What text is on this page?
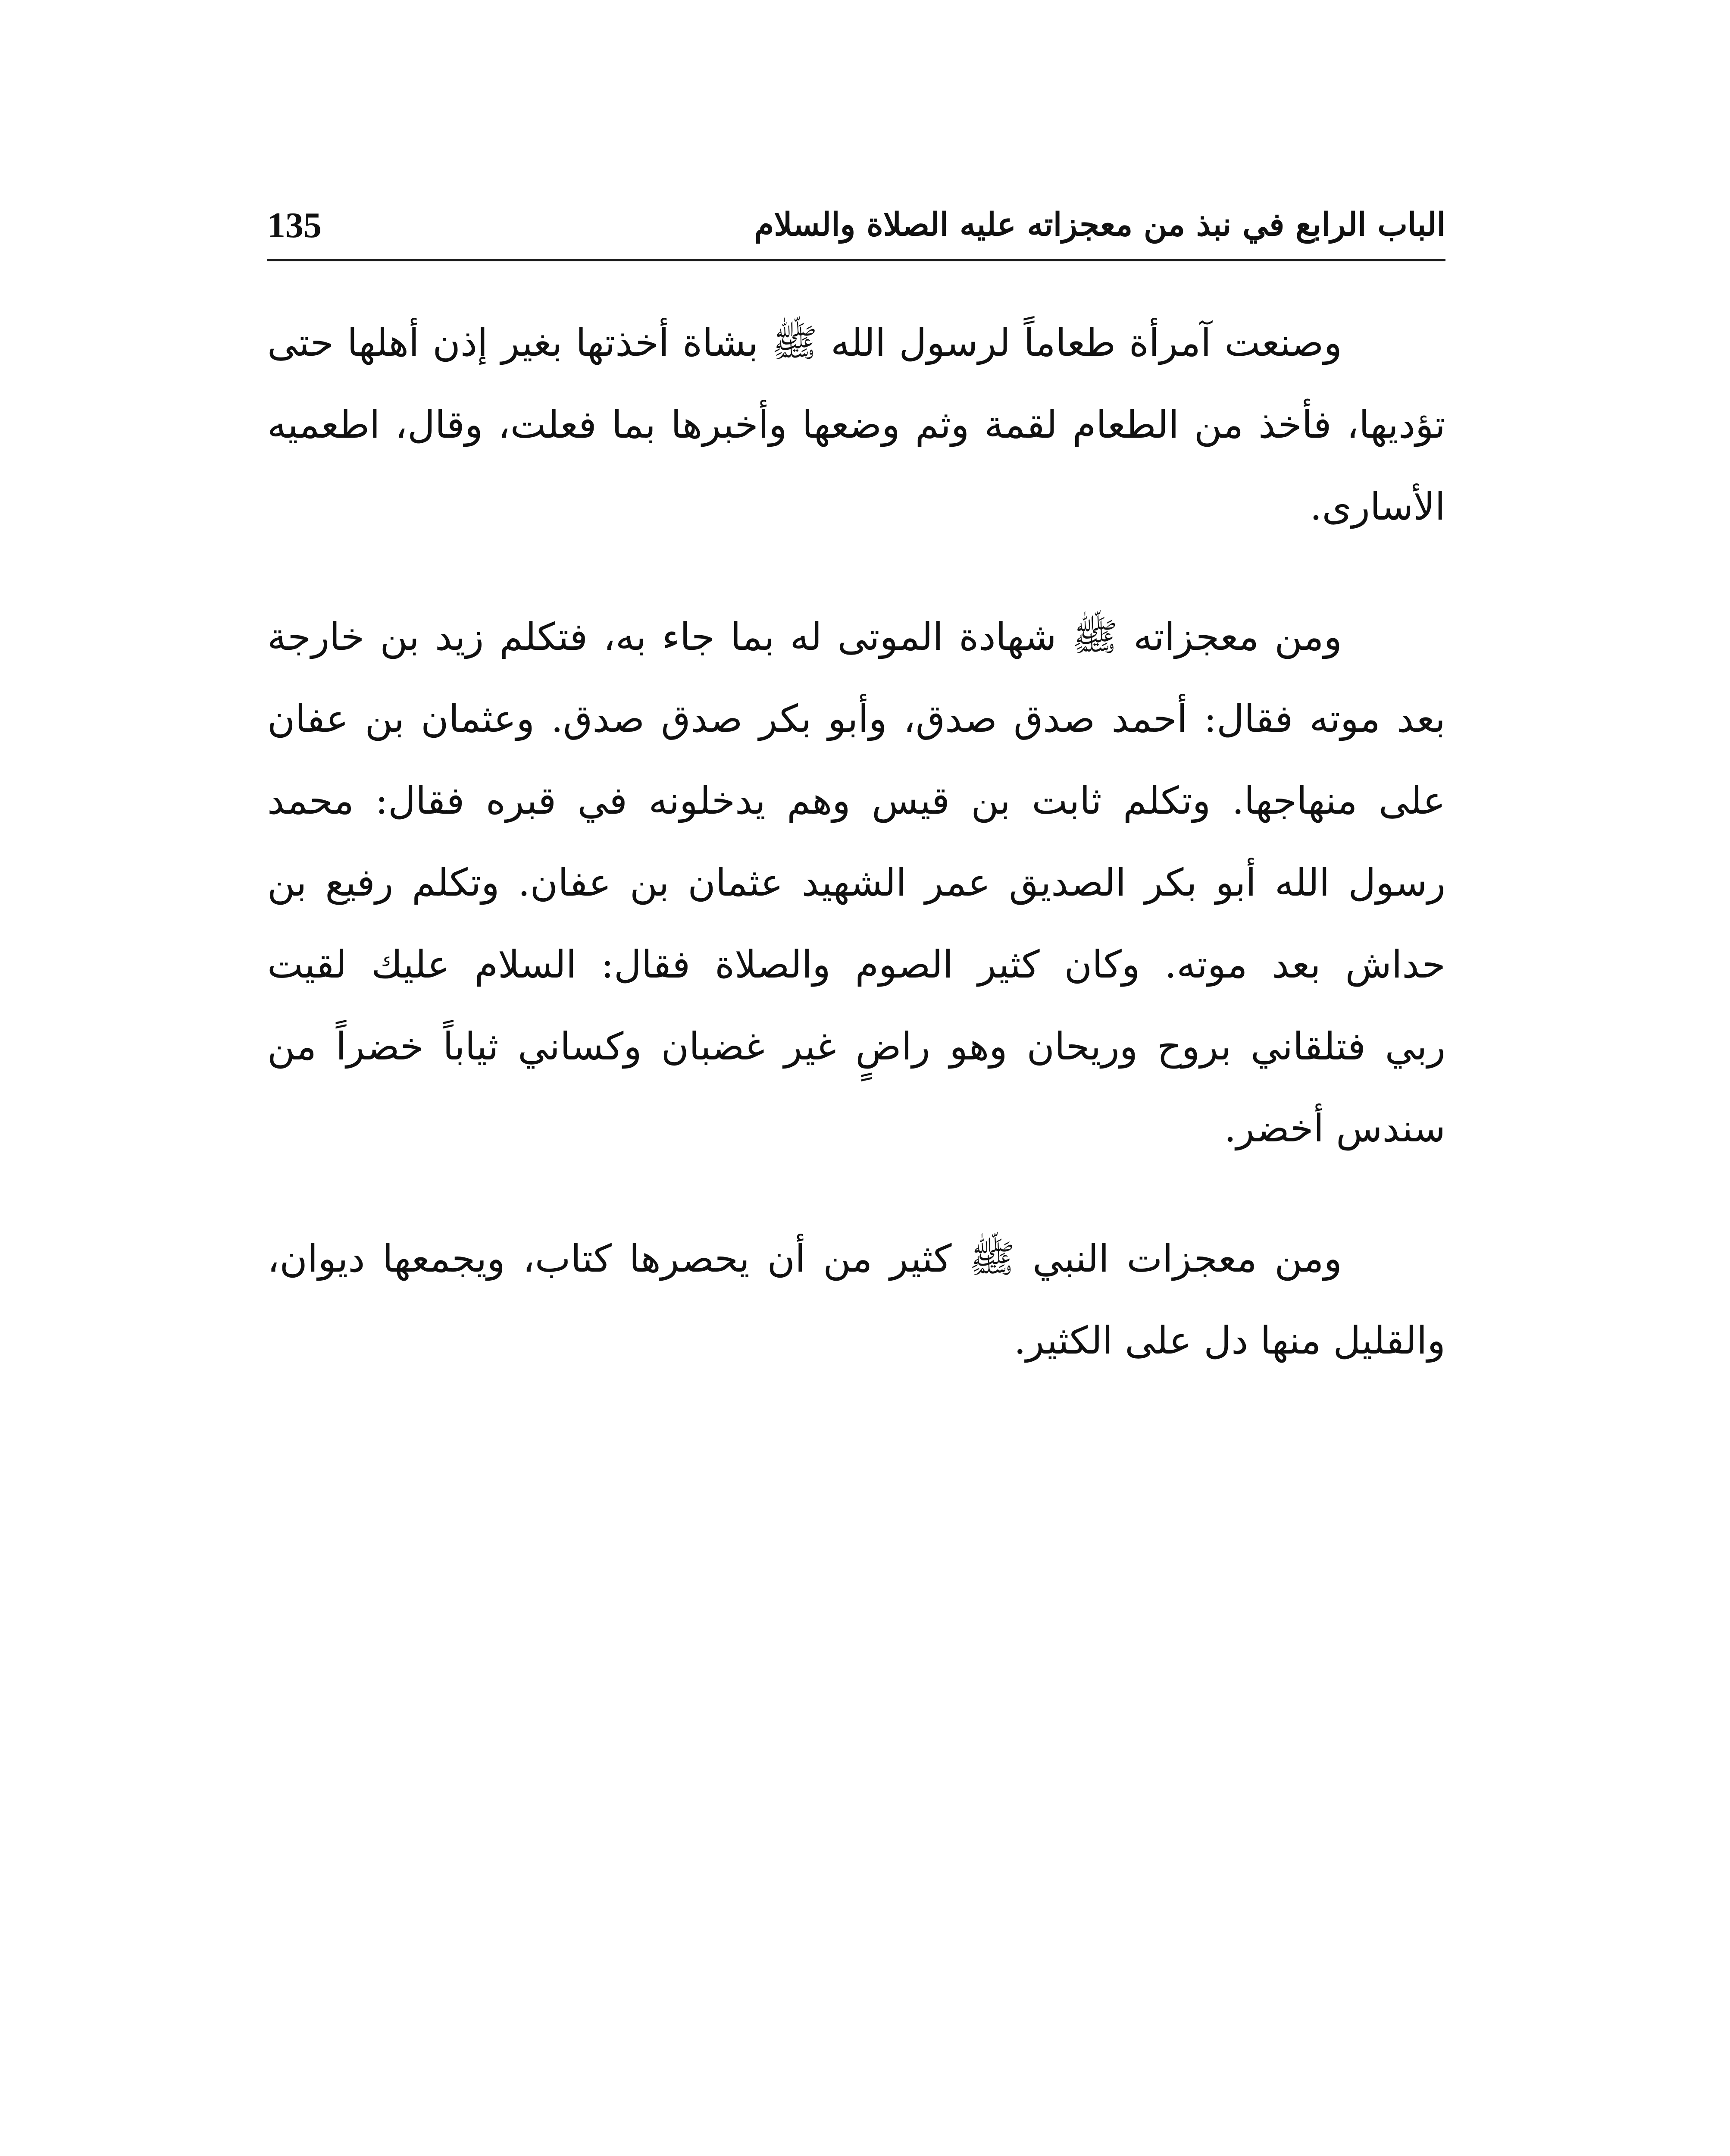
الباب الرابع في نبذ من معجزاته عليه الصلاة والسلام
135

وصنعت آمرأة طعاماً لرسول الله ﷺ بشاة أخذتها بغير إذن أهلها حتى
تؤديها، فأخذ من الطعام لقمة وثم وضعها وأخبرها بما فعلت، وقال، اطعميه
الأسارى.

ومن معجزاته ﷺ شهادة الموتى له بما جاء به، فتكلم زيد بن خارجة
بعد موته فقال: أحمد صدق صدق، وأبو بكر صدق صدق. وعثمان بن عفان
على منهاجها. وتكلم ثابت بن قيس وهم يدخلونه في قبره فقال: محمد
رسول الله أبو بكر الصديق عمر الشهيد عثمان بن عفان. وتكلم رفيع بن
حداش بعد موته. وكان كثير الصوم والصلاة فقال: السلام عليك لقيت
ربي فتلقاني بروح وريحان وهو راضٍ غير غضبان وكساني ثياباً خضراً من
سندس أخضر.

ومن معجزات النبي ﷺ كثير من أن يحصرها كتاب، ويجمعها ديوان،
والقليل منها دل على الكثير.
